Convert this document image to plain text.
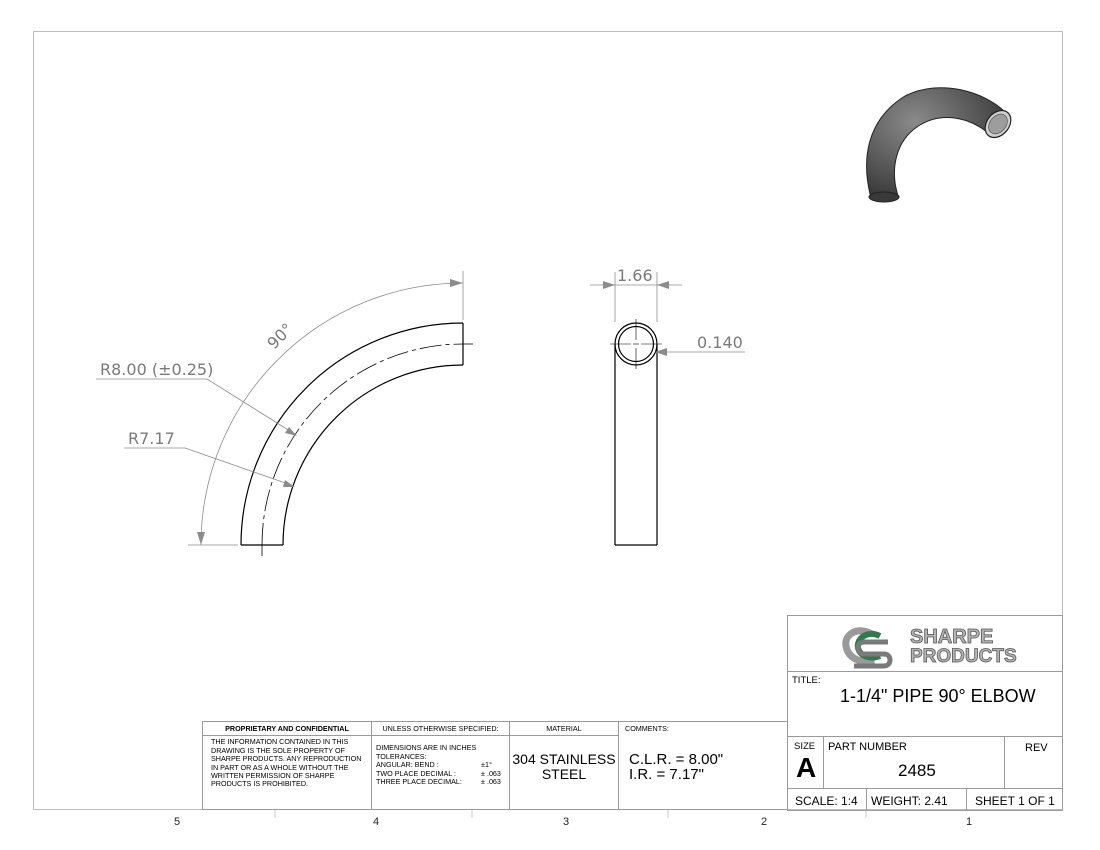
90°
R8.00 (±0.25)
R7.17
1.66
0.140
5	4	3	2	1
PROPRIETARY AND CONFIDENTIAL
THE INFORMATION CONTAINED IN THIS DRAWING IS THE SOLE PROPERTY OF SHARPE PRODUCTS. ANY REPRODUCTION IN PART OR AS A WHOLE WITHOUT THE WRITTEN PERMISSION OF SHARPE PRODUCTS IS PROHIBITED.
UNLESS OTHERWISE SPECIFIED:
DIMENSIONS ARE IN INCHES
TOLERANCES:
ANGULAR: BEND :	±1°
TWO PLACE DECIMAL :	± .063
THREE PLACE DECIMAL:	± .063
MATERIAL
304 STAINLESS
STEEL
COMMENTS:
C.L.R. = 8.00"
I.R. = 7.17"
SHARPE
PRODUCTS
TITLE:
1-1/4" PIPE 90° ELBOW
SIZE
A
PART NUMBER
2485
REV
SCALE: 1:4 WEIGHT: 2.41 SHEET 1 OF 1
